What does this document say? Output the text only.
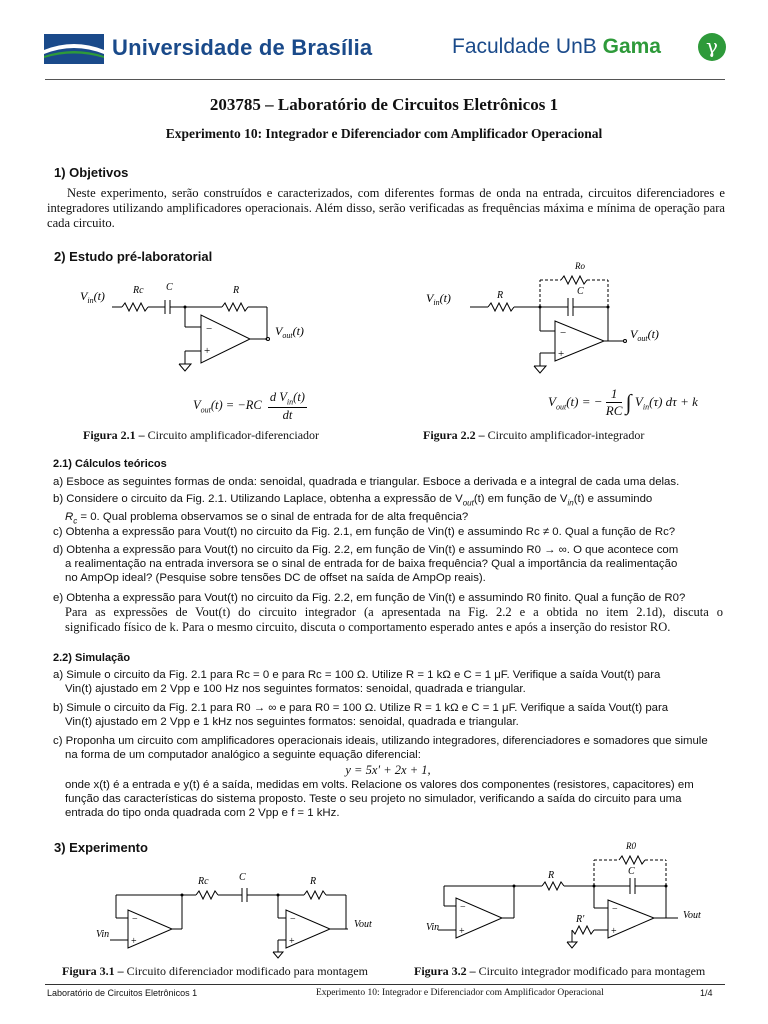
Universidade de Brasília	Faculdade UnB Gama	γ
203785 – Laboratório de Circuitos Eletrônicos 1
Experimento 10: Integrador e Diferenciador com Amplificador Operacional
1) Objetivos
Neste experimento, serão construídos e caracterizados, com diferentes formas de onda na entrada, circuitos diferenciadores e integradores utilizando amplificadores operacionais. Além disso, serão verificadas as frequências máxima e mínima de operação para cada circuito.
2) Estudo pré-laboratorial
$V_{in}(t)$	Rc C	R
−
+
$V_{out}(t)$
$V_{out}(t) = -RC$
d $V_{in}(t)$
dt
Figura 2.1 – Circuito amplificador-diferenciador
$V_{in}(t)$	R
Ro
C
−
+
$V_{out}(t)$
$V_{out}(t)$ = − $\frac{1}{RC}$ ∫ $V_{in}(\tau) d\tau + k$
Figura 2.2 – Circuito amplificador-integrador
2.1) Cálculos teóricos
a) Esboce as seguintes formas de onda: senoidal, quadrada e triangular. Esboce a derivada e a integral de cada uma delas.
b) Considere o circuito da Fig. 2.1. Utilizando Laplace, obtenha a expressão de $V_{out}(t)$ em função de $V_{in}(t)$ e assumindo
$R_c = 0$. Qual problema observamos se o sinal de entrada for de alta frequência?
c) Obtenha a expressão para Vout(t) no circuito da Fig. 2.1, em função de Vin(t) e assumindo Rc ≠ 0. Qual a função de Rc?
d) Obtenha a expressão para Vout(t) no circuito da Fig. 2.2, em função de Vin(t) e assumindo R0 → ∞. O que acontece com
a realimentação na entrada inversora se o sinal de entrada for de baixa frequência? Qual a importância da realimentação
no AmpOp ideal? (Pesquise sobre tensões DC de offset na saída de AmpOp reais).
e) Obtenha a expressão para Vout(t) no circuito da Fig. 2.2, em função de Vin(t) e assumindo R0 finito. Qual a função de R0?
Para as expressões de Vout(t) do circuito integrador (a apresentada na Fig. 2.2 e a obtida no item 2.1d), discuta o
significado físico de k. Para o mesmo circuito, discuta o comportamento esperado antes e após a inserção do resistor RO.
2.2) Simulação
a) Simule o circuito da Fig. 2.1 para Rc = 0 e para Rc = 100 Ω. Utilize R = 1 kΩ e C = 1 μF. Verifique a saída Vout(t) para
Vin(t) ajustado em 2 Vpp e 100 Hz nos seguintes formatos: senoidal, quadrada e triangular.
b) Simule o circuito da Fig. 2.1 para R0 → ∞ e para R0 = 100 Ω. Utilize R = 1 kΩ e C = 1 μF. Verifique a saída Vout(t) para
Vin(t) ajustado em 2 Vpp e 1 kHz nos seguintes formatos: senoidal, quadrada e triangular.
c) Proponha um circuito com amplificadores operacionais ideais, utilizando integradores, diferenciadores e somadores que simule
na forma de um computador analógico a seguinte equação diferencial:
y = 5x' + 2x + 1,
onde x(t) é a entrada e y(t) é a saída, medidas em volts. Relacione os valores dos componentes (resistores, capacitores) em
função das características do sistema proposto. Teste o seu projeto no simulador, verificando a saída do circuito para uma
entrada do tipo onda quadrada com 2 Vpp e f = 1 kHz.
3) Experimento
Vin
Rc	C	R
−
+
−
+
Vout
Figura 3.1 – Circuito diferenciador modificado para montagem
Vin
R
R0
C
R'
−
+
−
+
Vout
Figura 3.2 – Circuito integrador modificado para montagem
Laboratório de Circuitos Eletrônicos 1	Experimento 10: Integrador e Diferenciador com Amplificador Operacional	1/4
